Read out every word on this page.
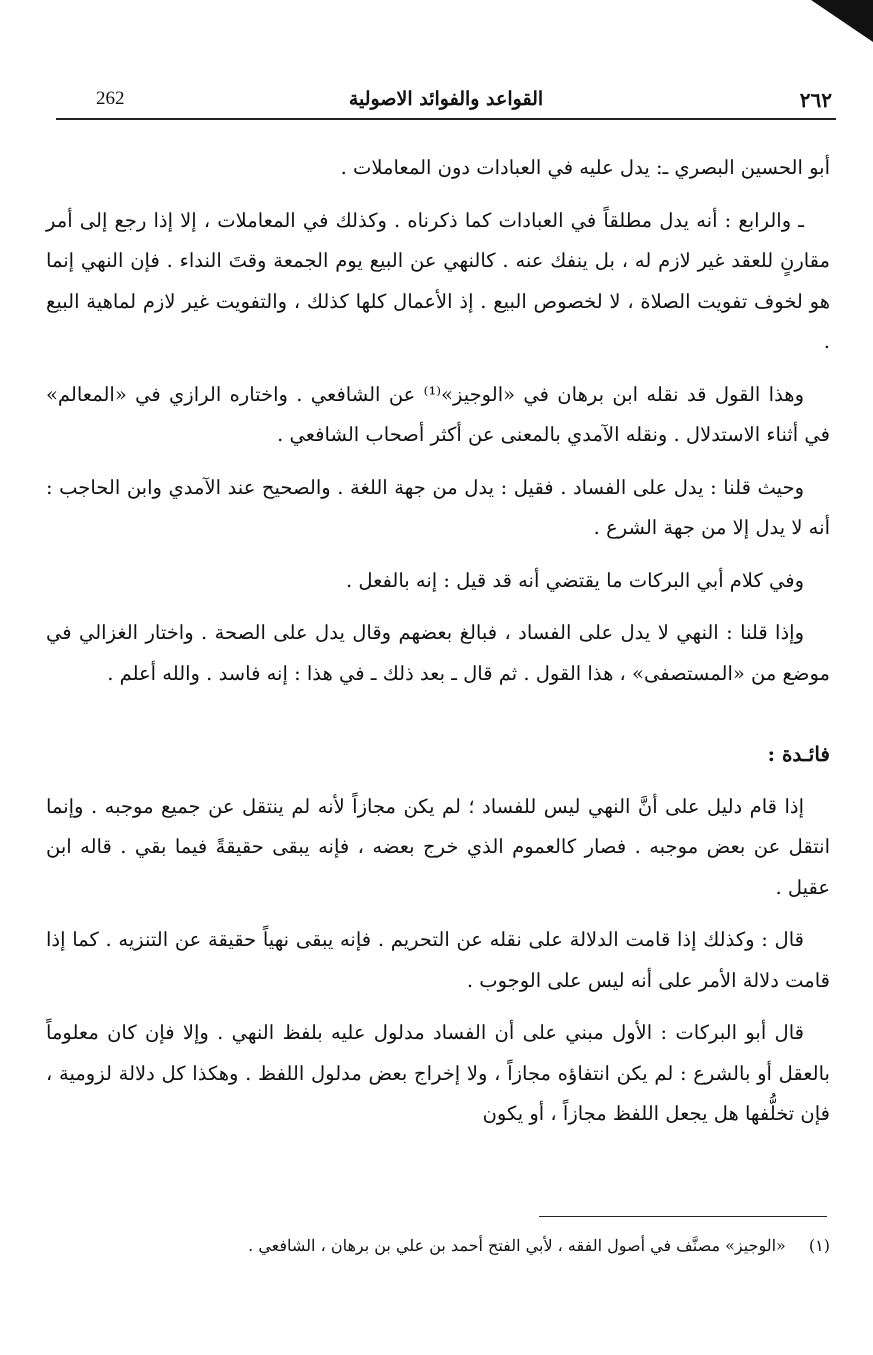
262	القواعد والفوائد الاصولية	٢٦٢

أبو الحسين البصري ـ: يدل عليه في العبادات دون المعاملات .

ـ والرابع : أنه يدل مطلقاً في العبادات كما ذكرناه . وكذلك في المعاملات ، إلا إذا رجع إلى أمر مقارنٍ للعقد غير لازم له ، بل ينفك عنه . كالنهي عن البيع يوم الجمعة وقتَ النداء . فإن النهي إنما هو لخوف تفويت الصلاة ، لا لخصوص البيع . إذ الأعمال كلها كذلك ، والتفويت غير لازم لماهية البيع .

وهذا القول قد نقله ابن برهان في «الوجيز»⁽¹⁾ عن الشافعي . واختاره الرازي في «المعالم» في أثناء الاستدلال . ونقله الآمدي بالمعنى عن أكثر أصحاب الشافعي .

وحيث قلنا : يدل على الفساد . فقيل : يدل من جهة اللغة . والصحيح عند الآمدي وابن الحاجب : أنه لا يدل إلا من جهة الشرع .

وفي كلام أبي البركات ما يقتضي أنه قد قيل : إنه بالفعل .

وإذا قلنا : النهي لا يدل على الفساد ، فبالغ بعضهم وقال يدل على الصحة . واختار الغزالي في موضع من «المستصفى» ، هذا القول . ثم قال ـ بعد ذلك ـ في هذا : إنه فاسد . والله أعلم .

فائـدة :

إذا قام دليل على أنَّ النهي ليس للفساد ؛ لم يكن مجازاً لأنه لم ينتقل عن جميع موجبه . وإنما انتقل عن بعض موجبه . فصار كالعموم الذي خرج بعضه ، فإنه يبقى حقيقةً فيما بقي . قاله ابن عقيل .

قال : وكذلك إذا قامت الدلالة على نقله عن التحريم . فإنه يبقى نهياً حقيقة عن التنزيه . كما إذا قامت دلالة الأمر على أنه ليس على الوجوب .

قال أبو البركات : الأول مبني على أن الفساد مدلول عليه بلفظ النهي . وإلا فإن كان معلوماً بالعقل أو بالشرع : لم يكن انتفاؤه مجازاً ، ولا إخراج بعض مدلول اللفظ . وهكذا كل دلالة لزومية ، فإن تخلُّفها هل يجعل اللفظ مجازاً ، أو يكون

(١) «الوجيز» مصنَّف في أصول الفقه ، لأبي الفتح أحمد بن علي بن برهان ، الشافعي .
